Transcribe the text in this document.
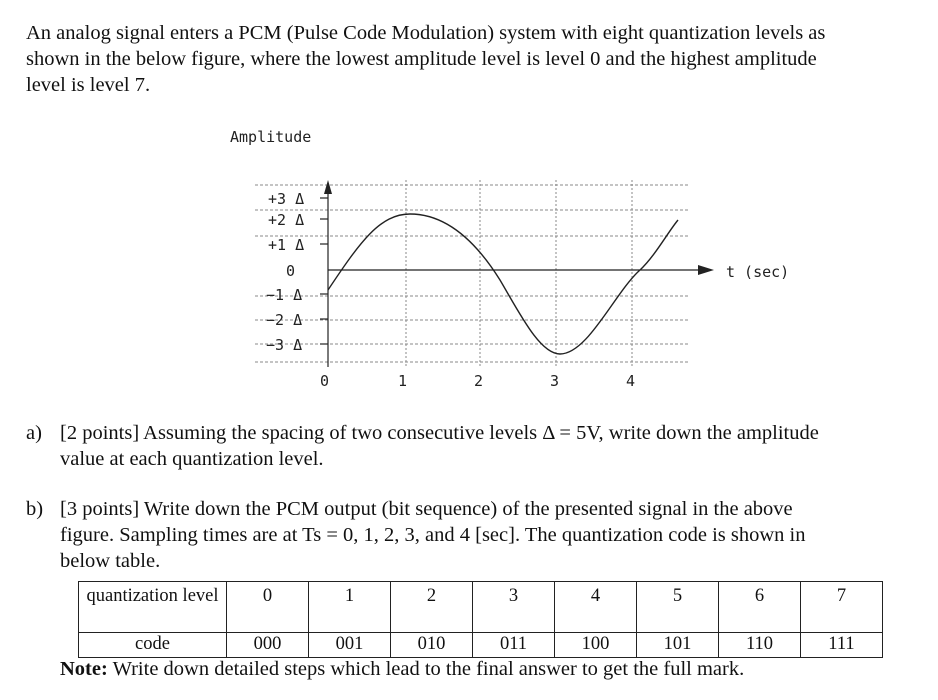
An analog signal enters a PCM (Pulse Code Modulation) system with eight quantization levels as
shown in the below figure, where the lowest amplitude level is level 0 and the highest amplitude
level is level 7.
Amplitude
t (sec)
+3 Δ
+2 Δ
+1 Δ
0
−1 Δ
−2 Δ
−3 Δ
0	1	2	3	4
a) [2 points] Assuming the spacing of two consecutive levels Δ = 5V, write down the amplitude
value at each quantization level.
b) [3 points] Write down the PCM output (bit sequence) of the presented signal in the above
figure. Sampling times are at Ts = 0, 1, 2, 3, and 4 [sec]. The quantization code is shown in
below table.
quantization level	0	1	2	3	4	5	6	7
code	000	001	010	011	100	101	110	111

Note: Write down detailed steps which lead to the final answer to get the full mark.
